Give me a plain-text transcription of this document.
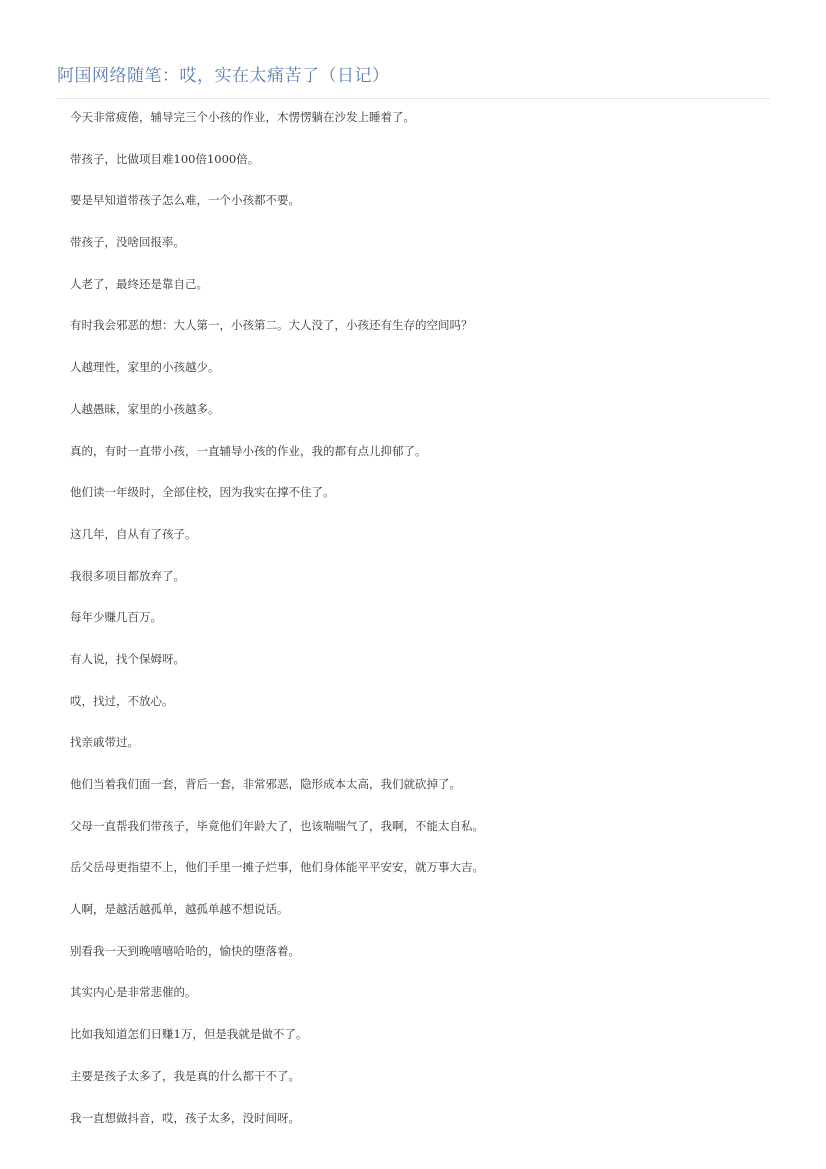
阿国网络随笔：哎，实在太痛苦了（日记）
今天非常疲倦，辅导完三个小孩的作业，木愣愣躺在沙发上睡着了。
带孩子，比做项目难100倍1000倍。
要是早知道带孩子怎么难，一个小孩都不要。
带孩子，没啥回报率。
人老了，最终还是靠自己。
有时我会邪恶的想：大人第一，小孩第二。大人没了，小孩还有生存的空间吗？
人越理性，家里的小孩越少。
人越愚昧，家里的小孩越多。
真的，有时一直带小孩，一直辅导小孩的作业，我的都有点儿抑郁了。
他们读一年级时，全部住校，因为我实在撑不住了。
这几年，自从有了孩子。
我很多项目都放弃了。
每年少赚几百万。
有人说，找个保姆呀。
哎，找过，不放心。
找亲戚带过。
他们当着我们面一套，背后一套，非常邪恶，隐形成本太高，我们就砍掉了。
父母一直帮我们带孩子，毕竟他们年龄大了，也该喘喘气了，我啊，不能太自私。
岳父岳母更指望不上，他们手里一摊子烂事，他们身体能平平安安，就万事大吉。
人啊，是越活越孤单，越孤单越不想说话。
别看我一天到晚嘻嘻哈哈的，愉快的堕落着。
其实内心是非常悲催的。
比如我知道怎们日赚1万，但是我就是做不了。
主要是孩子太多了，我是真的什么都干不了。
我一直想做抖音，哎，孩子太多，没时间呀。
